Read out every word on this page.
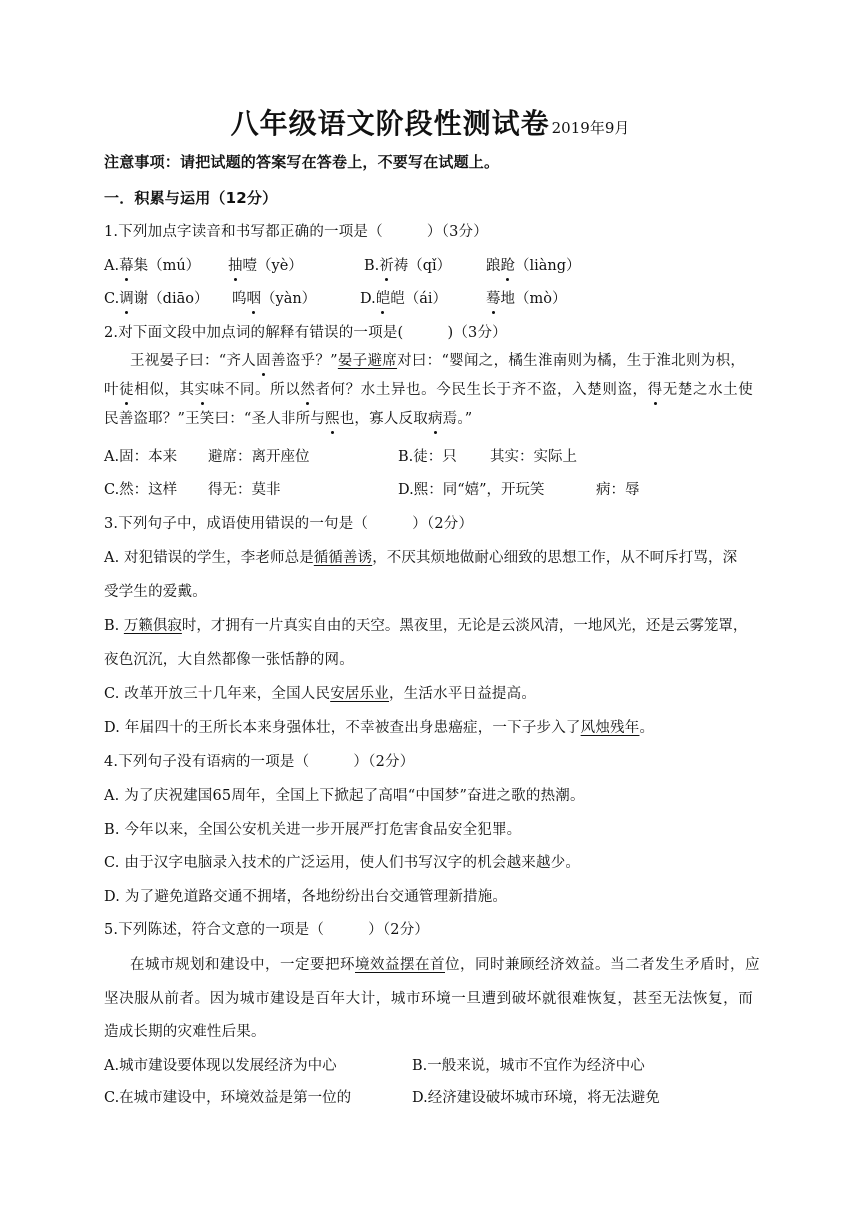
八年级语文阶段性测试卷 2019年9月
注意事项：请把试题的答案写在答卷上，不要写在试题上。
一．积累与运用（12分）
1.下列加点字读音和书写都正确的一项是（　　　）（3分）
A.幕集（mú） 抽噎（yè）	B.祈祷（qǐ） 踉跄（liàng）
C.调谢（diāo） 呜咽（yàn）	D.皑皑（ái）	蓦地（mò）
2.对下面文段中加点词的解释有错误的一项是(　　　)（3分）
王视晏子曰：“齐人固善盗乎？”晏子避席对曰：“婴闻之，橘生淮南则为橘，生于淮北则为枳，
叶徒相似，其实味不同。所以然者何？水土异也。今民生长于齐不盗，入楚则盗，得无楚之水土使
民善盗耶？”王笑曰：“圣人非所与熙也，寡人反取病焉。”
A.固：本来 避席：离开座位	B.徒：只 其实：实际上
C.然：这样 得无：莫非	D.熙：同“嬉”，开玩笑	病：辱
3.下列句子中，成语使用错误的一句是（　　　）（2分）
A. 对犯错误的学生，李老师总是循循善诱，不厌其烦地做耐心细致的思想工作，从不呵斥打骂，深
受学生的爱戴。
B. 万籁俱寂时，才拥有一片真实自由的天空。黑夜里，无论是云淡风清，一地风光，还是云雾笼罩，
夜色沉沉，大自然都像一张恬静的网。
C. 改革开放三十几年来，全国人民安居乐业，生活水平日益提高。
D. 年届四十的王所长本来身强体壮，不幸被查出身患癌症，一下子步入了风烛残年。
4.下列句子没有语病的一项是（　　　）（2分）
A. 为了庆祝建国65周年，全国上下掀起了高唱“中国梦”奋进之歌的热潮。
B. 今年以来，全国公安机关进一步开展严打危害食品安全犯罪。
C. 由于汉字电脑录入技术的广泛运用，使人们书写汉字的机会越来越少。
D. 为了避免道路交通不拥堵，各地纷纷出台交通管理新措施。
5.下列陈述，符合文意的一项是（　　　）（2分）
在城市规划和建设中，一定要把环境效益摆在首位，同时兼顾经济效益。当二者发生矛盾时，应
坚决服从前者。因为城市建设是百年大计，城市环境一旦遭到破坏就很难恢复，甚至无法恢复，而
造成长期的灾难性后果。
A.城市建设要体现以发展经济为中心	B.一般来说，城市不宜作为经济中心
C.在城市建设中，环境效益是第一位的	D.经济建设破坏城市环境，将无法避免
